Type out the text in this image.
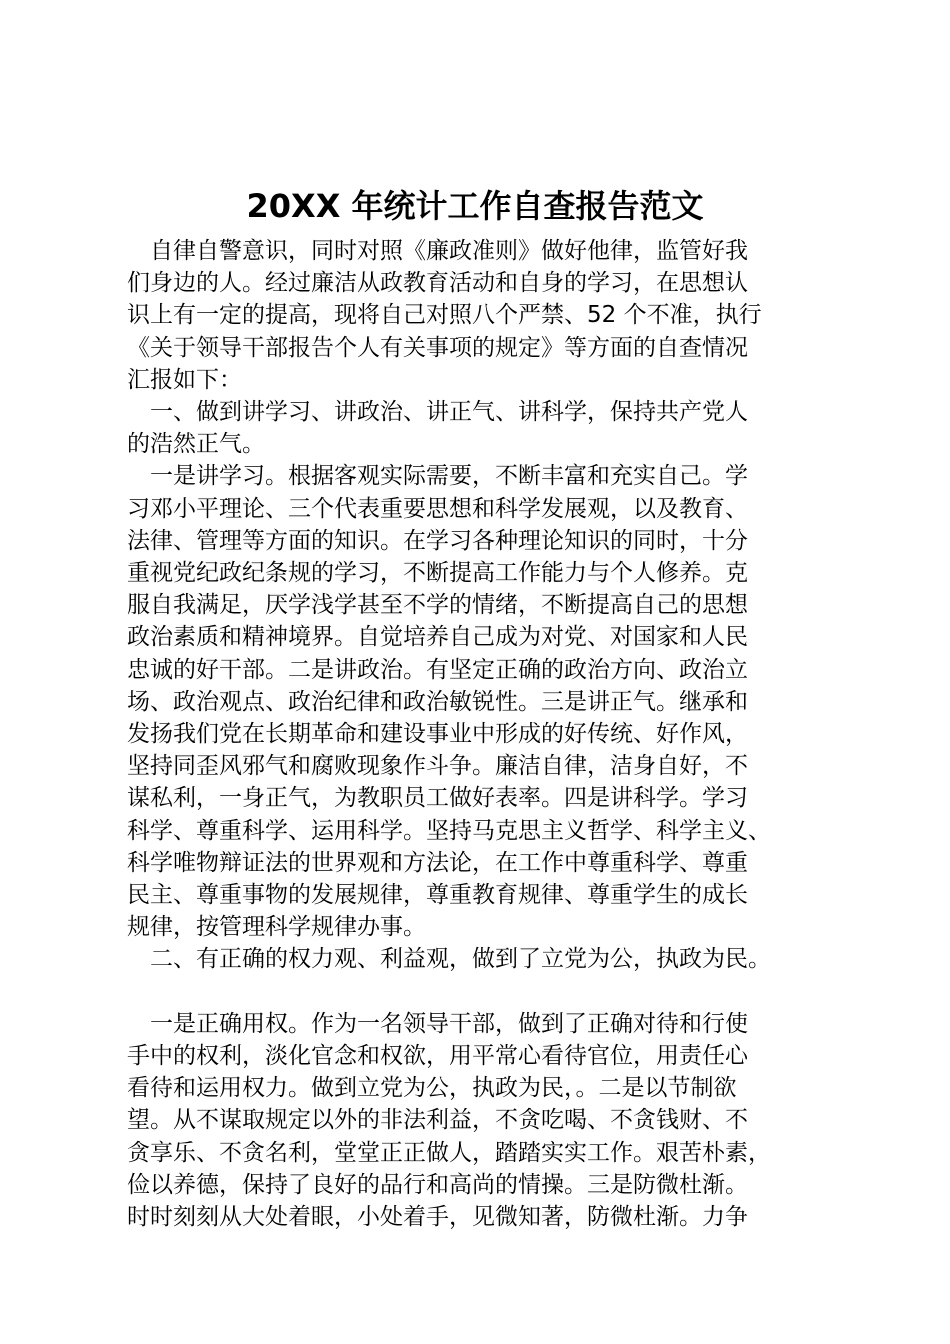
20XX 年统计工作自查报告范文
　自律自警意识，同时对照《廉政准则》做好他律，监管好我
们身边的人。经过廉洁从政教育活动和自身的学习，在思想认
识上有一定的提高，现将自己对照八个严禁、52 个不准，执行
《关于领导干部报告个人有关事项的规定》等方面的自查情况
汇报如下：
　一、做到讲学习、讲政治、讲正气、讲科学，保持共产党人
的浩然正气。
　一是讲学习。根据客观实际需要，不断丰富和充实自己。学
习邓小平理论、三个代表重要思想和科学发展观，以及教育、
法律、管理等方面的知识。在学习各种理论知识的同时，十分
重视党纪政纪条规的学习，不断提高工作能力与个人修养。克
服自我满足，厌学浅学甚至不学的情绪，不断提高自己的思想
政治素质和精神境界。自觉培养自己成为对党、对国家和人民
忠诚的好干部。二是讲政治。有坚定正确的政治方向、政治立
场、政治观点、政治纪律和政治敏锐性。三是讲正气。继承和
发扬我们党在长期革命和建设事业中形成的好传统、好作风，
坚持同歪风邪气和腐败现象作斗争。廉洁自律，洁身自好，不
谋私利，一身正气，为教职员工做好表率。四是讲科学。学习
科学、尊重科学、运用科学。坚持马克思主义哲学、科学主义、
科学唯物辩证法的世界观和方法论，在工作中尊重科学、尊重
民主、尊重事物的发展规律，尊重教育规律、尊重学生的成长
规律，按管理科学规律办事。
　二、有正确的权力观、利益观，做到了立党为公，执政为民。
　一是正确用权。作为一名领导干部，做到了正确对待和行使
手中的权利，淡化官念和权欲，用平常心看待官位，用责任心
看待和运用权力。做到立党为公，执政为民，。二是以节制欲
望。从不谋取规定以外的非法利益，不贪吃喝、不贪钱财、不
贪享乐、不贪名利，堂堂正正做人，踏踏实实工作。艰苦朴素，
俭以养德，保持了良好的品行和高尚的情操。三是防微杜渐。
时时刻刻从大处着眼，小处着手，见微知著，防微杜渐。力争
